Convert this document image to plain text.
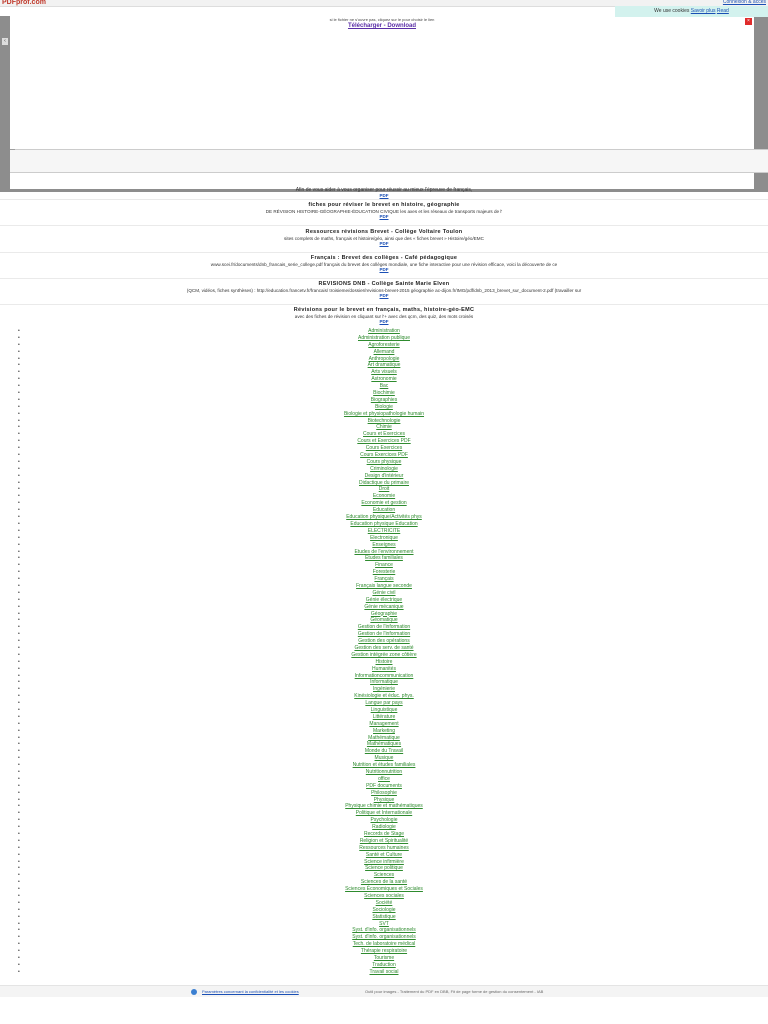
PDFprof.com	Connexion & accès
‹
si le fichier ne s'ouvre pas, cliquez sur le pour choisir le lien
Télécharger - Download
×
—
We use cookies Savoir plus Read
Afin de vous aider à vous organiser pour réussir au mieux l'épreuve de français,
PDF
fiches pour réviser le brevet en histoire, géographie
DE RÉVISION HISTOIRE-GÉOGRAPHIE-ÉDUCATION CIVIQUE les axes et les réseaux de transports majeurs de l'
PDF
Ressources révisions Brevet - Collège Voltaire Toulon
sites complets de maths, français et histoire/géo, ainsi que des « fiches brevet » Histoire/géo/EMC
PDF
Français : Brevet des collèges - Café pédagogique
www.scei.fr/documents/dnb_francais_serie_college.pdf français du brevet des collèges mondiale, une fiche interactive pour une révision efficace, voici la découverte de ce
PDF
REVISIONS DNB - Collège Sainte Marie Elven
(QCM, vidéos, fiches synthèses) : http://education.francetv.fr/francais/ troisieme/dossier/revisions-brevet-2015 géographie ac-dijon.fr/IMG/pdf/dnb_2013_brevet_sur_document-2.pdf (travailler sur
PDF
Révisions pour le brevet en français, maths, histoire-géo-EMC
avec des fiches de révision en cliquant sur l'+ avec des qcm, des quiz, des mots croisés
PDF
•	Administration
•	Administration publique
•	Agroforesterie
•	Allemand
•	Anthropologie
•	Art dramatique
•	Arts visuels
•	Astronomie
•	Bac
•	Biochimie
•	Biographies
•	Biologie
•	Biologie et physiopathologie humain
•	Biotechnologie
•	Chimie
•	Cours et Exercices
•	Cours et Exercices PDF
•	Cours Exercices
•	Cours Exercices PDF
•	Cours physique
•	Criminologie
•	Design d'intérieur
•	Didactique du primaire
•	Droit
•	Economie
•	Economie et gestion
•	Education
•	Education physique/Activités phys
•	Education physique Education
•	ELECTRICITE
•	Electronique
•	Enseignes
•	Etudes de l'environnement
•	Etudes familiales
•	Finance
•	Foresterie
•	Français
•	Français langue seconde
•	Génie civil
•	Génie électrique
•	Génie mécanique
•	Géographie
•	Géomatique
•	Gestion de l'information
•	Gestion de l'information
•	Gestion des opérations
•	Gestion des serv. de santé
•	Gestion intégrée zone côtière
•	Histoire
•	Humanités
•	Informationcommunication
•	Informatique
•	Ingénierie
•	Kinésiologie et éduc. phys.
•	Langue par pays
•	Linguistique
•	Littérature
•	Management
•	Marketing
•	Mathématique
•	Mathématiques
•	Monde du Travail
•	Musique
•	Nutrition et études familiales
•	Nutritionnutrition
•	office
•	PDF documents
•	Philosophie
•	Physique
•	Physique chimie et mathématiques
•	Politique et Internationale
•	Psychologie
•	Radiologie
•	Records de Stage
•	Religion et Spiritualité
•	Ressources humaines
•	Santé et Culture
•	Science infirmière
•	Science politique
•	Sciences
•	Sciences de la santé
•	Sciences Économiques et Sociales
•	Sciences sociales
•	Société
•	Sociologie
•	Statistique
•	SVT
•	Syst. d'info. organisationnels
•	Syst. d'info. organisationnels
•	Tech. de laboratoire médical
•	Thérapie respiratoire
•	Tourisme
•	Traduction
•	Travail social
Paramètres concernant la confidentialité et les cookies	Outil pour images - Traitement du PDF en DBB, Fit de page forme de gestion du consentement - IAB
